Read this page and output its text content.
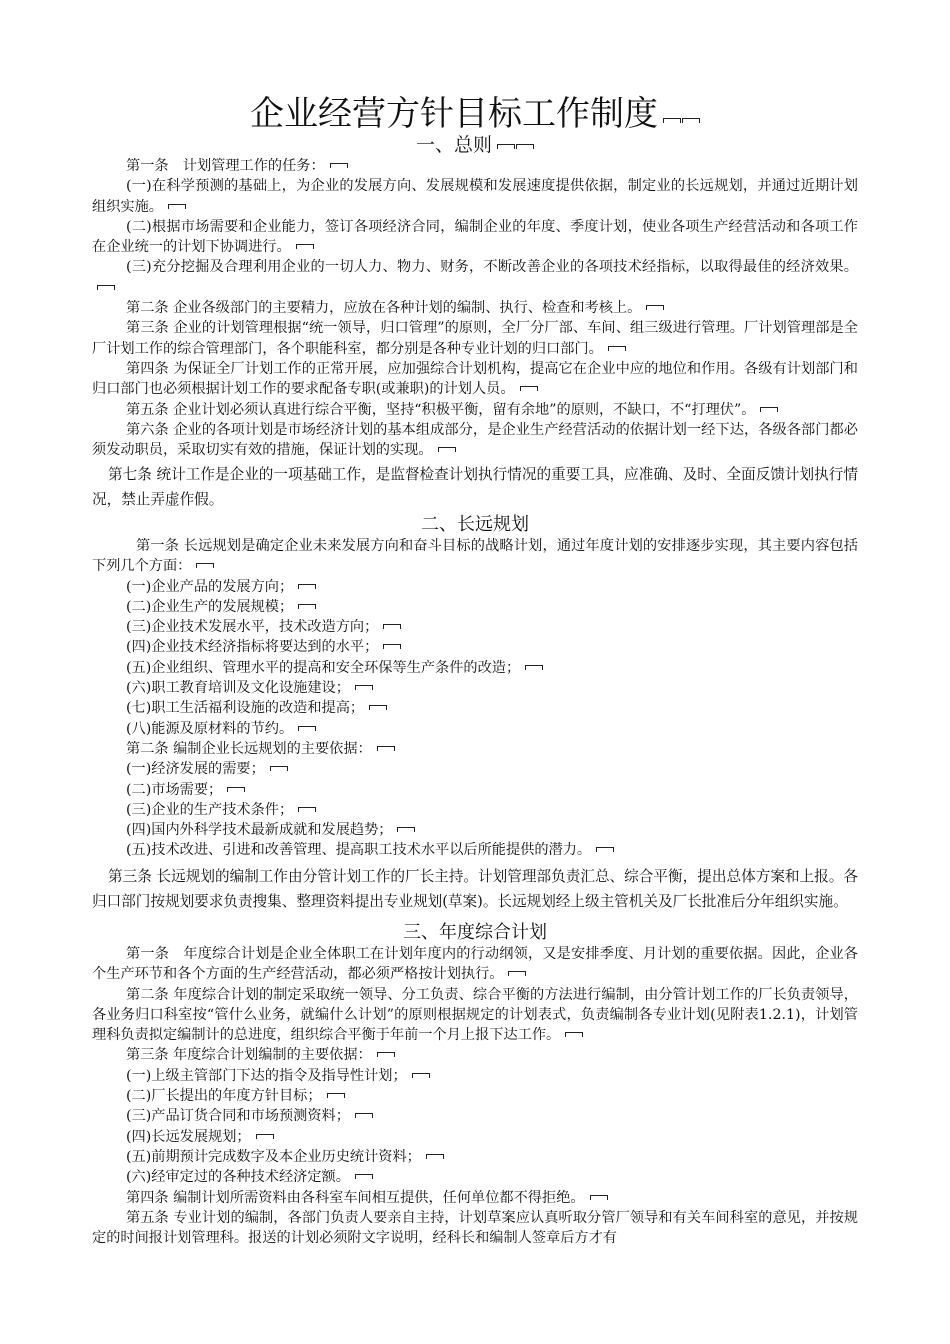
企业经营方针目标工作制度
一、总则

第一条　计划管理工作的任务：

(一)在科学预测的基础上，为企业的发展方向、发展规模和发展速度提供依据，制定业的长远规划，并通过近期计划组织实施。

(二)根据市场需要和企业能力，签订各项经济合同，编制企业的年度、季度计划，使业各项生产经营活动和各项工作在企业统一的计划下协调进行。

(三)充分挖掘及合理利用企业的一切人力、物力、财务，不断改善企业的各项技术经指标，以取得最佳的经济效果。

第二条 企业各级部门的主要精力，应放在各种计划的编制、执行、检查和考核上。

第三条 企业的计划管理根据“统一领导，归口管理”的原则，全厂分厂部、车间、组三级进行管理。厂计划管理部是全厂计划工作的综合管理部门，各个职能科室，都分别是各种专业计划的归口部门。

第四条 为保证全厂计划工作的正常开展，应加强综合计划机构，提高它在企业中应的地位和作用。各级有计划部门和归口部门也必须根据计划工作的要求配备专职(或兼职)的计划人员。

第五条 企业计划必须认真进行综合平衡，坚持“积极平衡，留有余地”的原则，不缺口，不“打理伏”。

第六条 企业的各项计划是市场经济计划的基本组成部分，是企业生产经营活动的依据计划一经下达，各级各部门都必须发动职员，采取切实有效的措施，保证计划的实现。

第七条 统计工作是企业的一项基础工作，是监督检查计划执行情况的重要工具，应准确、及时、全面反馈计划执行情况，禁止弄虚作假。

二、长远规划

第一条 长远规划是确定企业未来发展方向和奋斗目标的战略计划，通过年度计划的安排逐步实现，其主要内容包括下列几个方面：

(一)企业产品的发展方向；

(二)企业生产的发展规模；

(三)企业技术发展水平，技术改造方向；

(四)企业技术经济指标将要达到的水平；

(五)企业组织、管理水平的提高和安全环保等生产条件的改造；

(六)职工教育培训及文化设施建设；

(七)职工生活福利设施的改造和提高；

(八)能源及原材料的节约。

第二条 编制企业长远规划的主要依据：

(一)经济发展的需要；

(二)市场需要；

(三)企业的生产技术条件；

(四)国内外科学技术最新成就和发展趋势；

(五)技术改进、引进和改善管理、提高职工技术水平以后所能提供的潜力。

第三条 长远规划的编制工作由分管计划工作的厂长主持。计划管理部负责汇总、综合平衡，提出总体方案和上报。各归口部门按规划要求负责搜集、整理资料提出专业规划(草案)。长远规划经上级主管机关及厂长批准后分年组织实施。

三、年度综合计划

第一条　年度综合计划是企业全体职工在计划年度内的行动纲领，又是安排季度、月计划的重要依据。因此，企业各个生产环节和各个方面的生产经营活动，都必须严格按计划执行。

第二条 年度综合计划的制定采取统一领导、分工负责、综合平衡的方法进行编制，由分管计划工作的厂长负责领导，各业务归口科室按“管什么业务，就编什么计划”的原则根据规定的计划表式，负责编制各专业计划(见附表1.2.1)，计划管理科负责拟定编制计的总进度，组织综合平衡于年前一个月上报下达工作。

第三条 年度综合计划编制的主要依据：

(一)上级主管部门下达的指令及指导性计划；

(二)厂长提出的年度方针目标；

(三)产品订货合同和市场预测资料；

(四)长远发展规划；

(五)前期预计完成数字及本企业历史统计资料；

(六)经审定过的各种技术经济定额。

第四条 编制计划所需资料由各科室车间相互提供，任何单位都不得拒绝。

第五条 专业计划的编制，各部门负责人要亲自主持，计划草案应认真听取分管厂领导和有关车间科室的意见，并按规定的时间报计划管理科。报送的计划必须附文字说明，经科长和编制人签章后方才有
